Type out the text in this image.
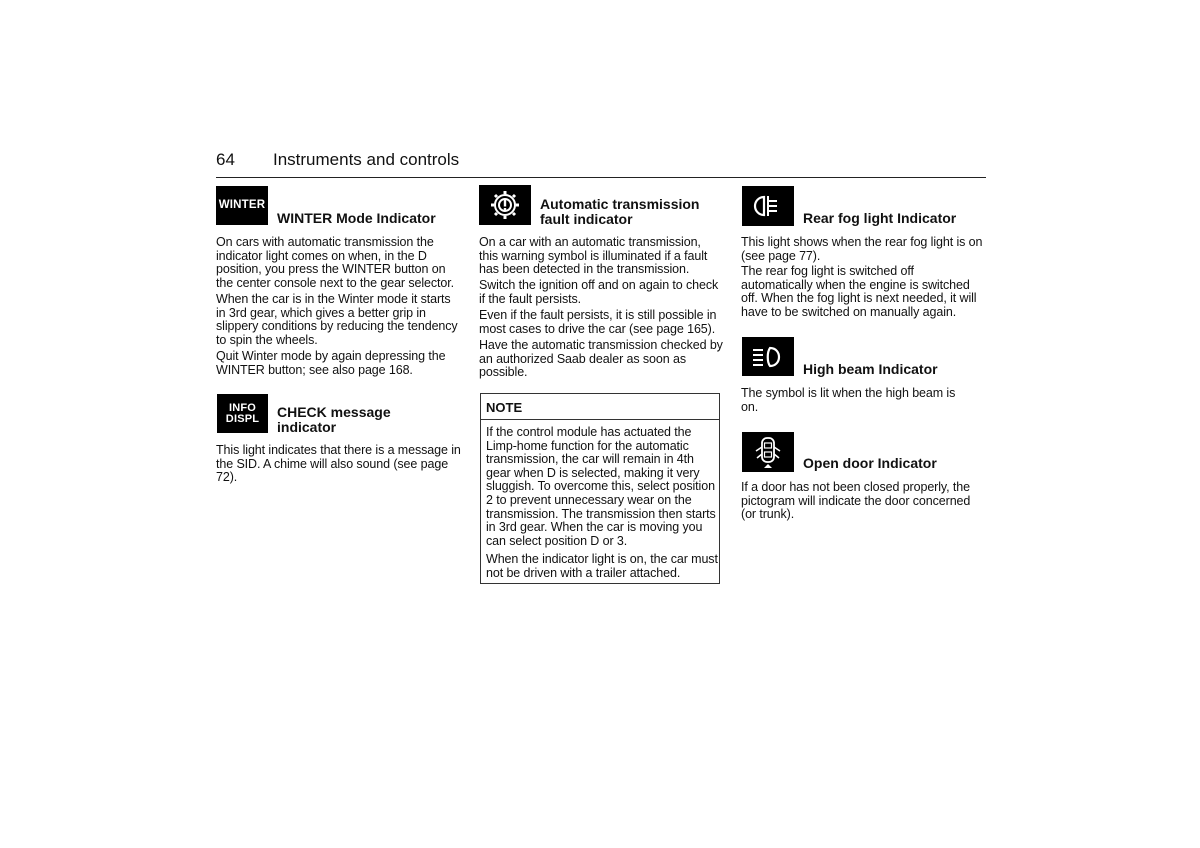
64 Instruments and controls
WINTER
WINTER Mode Indicator

On cars with automatic transmission the indicator light comes on when, in the D position, you press the WINTER button on the center console next to the gear selector.

When the car is in the Winter mode it starts in 3rd gear, which gives a better grip in slippery conditions by reducing the tendency to spin the wheels.

Quit Winter mode by again depressing the WINTER button; see also page 168.

INFO
DISPL CHECK message
indicator

This light indicates that there is a message in the SID. A chime will also sound (see page 72).

Automatic transmission
fault indicator

On a car with an automatic transmission, this warning symbol is illuminated if a fault has been detected in the transmission.

Switch the ignition off and on again to check if the fault persists.

Even if the fault persists, it is still possible in most cases to drive the car (see page 165).

Have the automatic transmission checked by an authorized Saab dealer as soon as possible.

NOTE

If the control module has actuated the Limp-home function for the automatic transmission, the car will remain in 4th gear when D is selected, making it very sluggish. To overcome this, select position 2 to prevent unnecessary wear on the transmission. The transmission then starts in 3rd gear. When the car is moving you can select position D or 3.

When the indicator light is on, the car must not be driven with a trailer attached.

Rear fog light Indicator

This light shows when the rear fog light is on (see page 77).

The rear fog light is switched off automatically when the engine is switched off. When the fog light is next needed, it will have to be switched on manually again.

High beam Indicator

The symbol is lit when the high beam is on.

Open door Indicator

If a door has not been closed properly, the pictogram will indicate the door concerned (or trunk).
